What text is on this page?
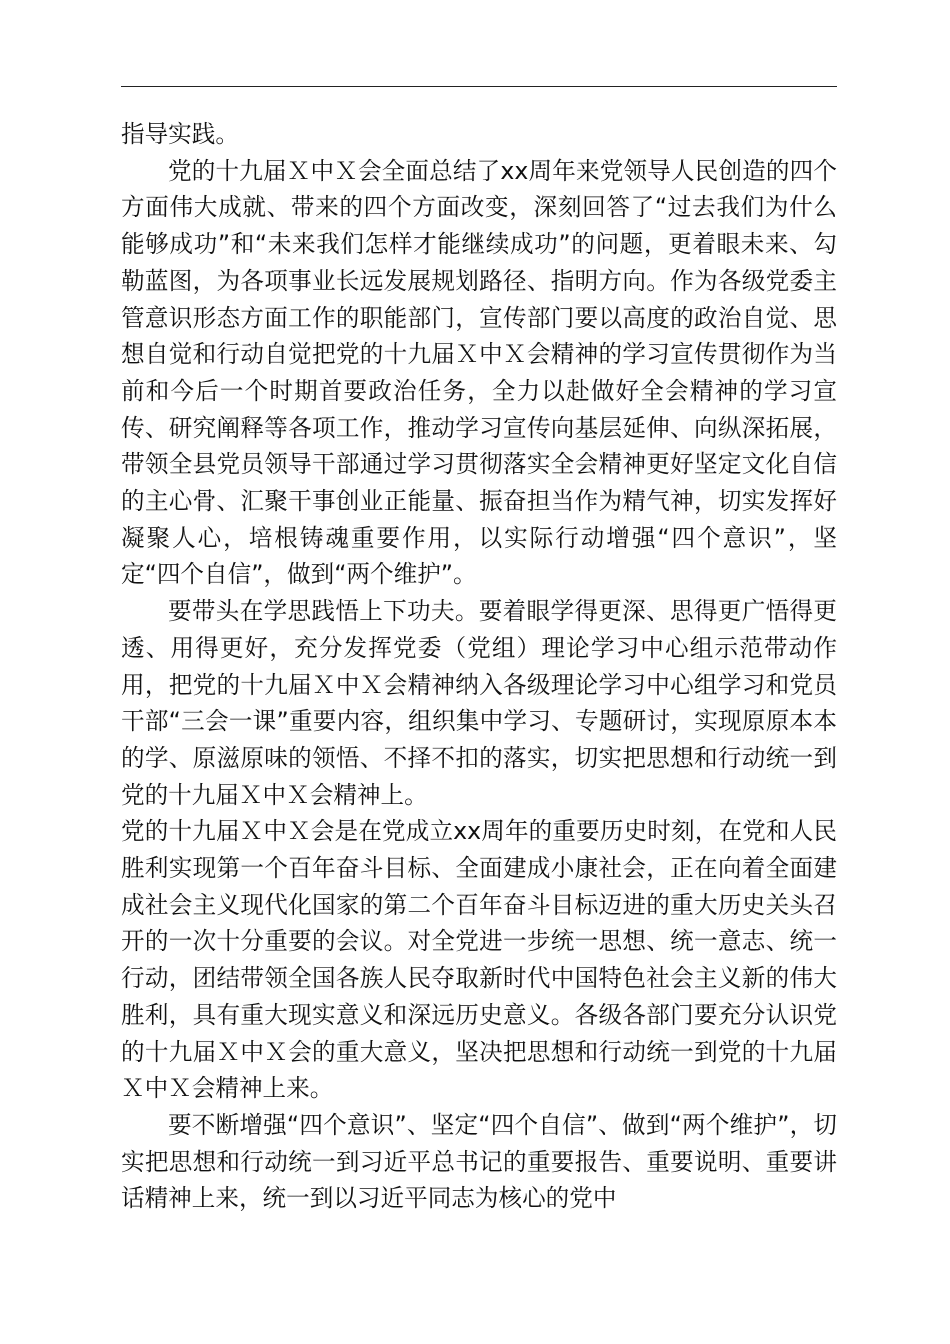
指导实践。

党的十九届Ｘ中Ｘ会全面总结了xx周年来党领导人民创造的四个方面伟大成就、带来的四个方面改变，深刻回答了“过去我们为什么能够成功”和“未来我们怎样才能继续成功”的问题，更着眼未来、勾勒蓝图，为各项事业长远发展规划路径、指明方向。作为各级党委主管意识形态方面工作的职能部门，宣传部门要以高度的政治自觉、思想自觉和行动自觉把党的十九届Ｘ中Ｘ会精神的学习宣传贯彻作为当前和今后一个时期首要政治任务，全力以赴做好全会精神的学习宣传、研究阐释等各项工作，推动学习宣传向基层延伸、向纵深拓展，带领全县党员领导干部通过学习贯彻落实全会精神更好坚定文化自信的主心骨、汇聚干事创业正能量、振奋担当作为精气神，切实发挥好凝聚人心，培根铸魂重要作用，以实际行动增强“四个意识”，坚定“四个自信”，做到“两个维护”。

要带头在学思践悟上下功夫。要着眼学得更深、思得更广悟得更透、用得更好，充分发挥党委（党组）理论学习中心组示范带动作用，把党的十九届Ｘ中Ｘ会精神纳入各级理论学习中心组学习和党员干部“三会一课”重要内容，组织集中学习、专题研讨，实现原原本本的学、原滋原味的领悟、不择不扣的落实，切实把思想和行动统一到党的十九届Ｘ中Ｘ会精神上。

党的十九届Ｘ中Ｘ会是在党成立xx周年的重要历史时刻，在党和人民胜利实现第一个百年奋斗目标、全面建成小康社会，正在向着全面建成社会主义现代化国家的第二个百年奋斗目标迈进的重大历史关头召开的一次十分重要的会议。对全党进一步统一思想、统一意志、统一行动，团结带领全国各族人民夺取新时代中国特色社会主义新的伟大胜利，具有重大现实意义和深远历史意义。各级各部门要充分认识党的十九届Ｘ中Ｘ会的重大意义，坚决把思想和行动统一到党的十九届Ｘ中Ｘ会精神上来。

要不断增强“四个意识”、坚定“四个自信”、做到“两个维护”，切实把思想和行动统一到习近平总书记的重要报告、重要说明、重要讲话精神上来，统一到以习近平同志为核心的党中
